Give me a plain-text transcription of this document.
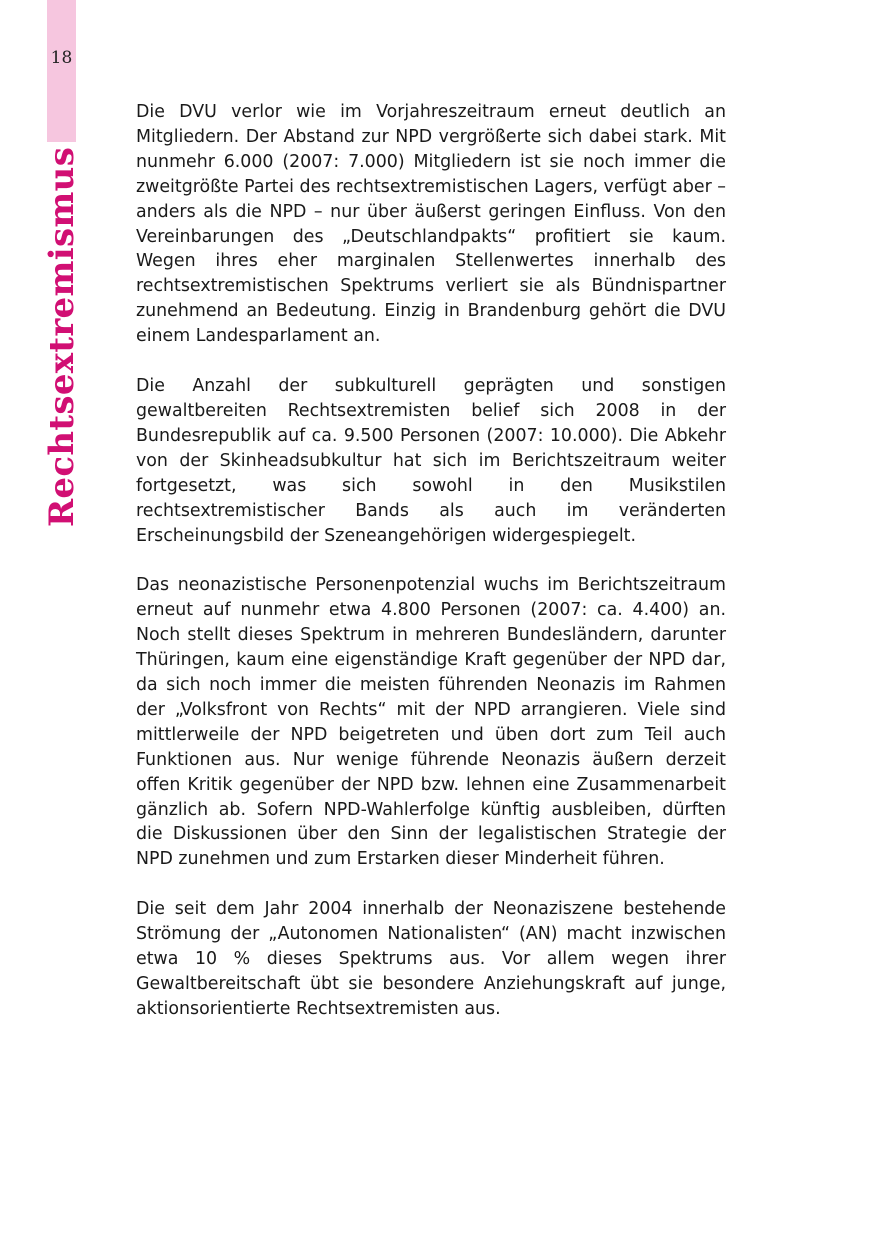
18
Rechtsextremismus

Die DVU verlor wie im Vorjahreszeitraum erneut deutlich an Mitgliedern. Der Abstand zur NPD vergrößerte sich dabei stark. Mit nunmehr 6.000 (2007: 7.000) Mitgliedern ist sie noch immer die zweitgrößte Partei des rechtsextremistischen Lagers, verfügt aber – anders als die NPD – nur über äußerst geringen Einfluss. Von den Vereinbarungen des „Deutschlandpakts“ profitiert sie kaum. Wegen ihres eher marginalen Stellenwertes innerhalb des rechtsextremistischen Spektrums verliert sie als Bündnispartner zunehmend an Bedeutung. Einzig in Brandenburg gehört die DVU einem Landesparlament an.

Die Anzahl der subkulturell geprägten und sonstigen gewaltbereiten Rechtsextremisten belief sich 2008 in der Bundesrepublik auf ca. 9.500 Personen (2007: 10.000). Die Abkehr von der Skinheadsubkultur hat sich im Berichtszeitraum weiter fortgesetzt, was sich sowohl in den Musikstilen rechtsextremistischer Bands als auch im veränderten Erscheinungsbild der Szeneangehörigen widergespiegelt.

Das neonazistische Personenpotenzial wuchs im Berichtszeitraum erneut auf nunmehr etwa 4.800 Personen (2007: ca. 4.400) an. Noch stellt dieses Spektrum in mehreren Bundesländern, darunter Thüringen, kaum eine eigenständige Kraft gegenüber der NPD dar, da sich noch immer die meisten führenden Neonazis im Rahmen der „Volksfront von Rechts“ mit der NPD arrangieren. Viele sind mittlerweile der NPD beigetreten und üben dort zum Teil auch Funktionen aus. Nur wenige führende Neonazis äußern derzeit offen Kritik gegenüber der NPD bzw. lehnen eine Zusammenarbeit gänzlich ab. Sofern NPD-Wahlerfolge künftig ausbleiben, dürften die Diskussionen über den Sinn der legalistischen Strategie der NPD zunehmen und zum Erstarken dieser Minderheit führen.

Die seit dem Jahr 2004 innerhalb der Neonaziszene bestehende Strömung der „Autonomen Nationalisten“ (AN) macht inzwischen etwa 10 % dieses Spektrums aus. Vor allem wegen ihrer Gewaltbereitschaft übt sie besondere Anziehungskraft auf junge, aktionsorientierte Rechtsextremisten aus.
